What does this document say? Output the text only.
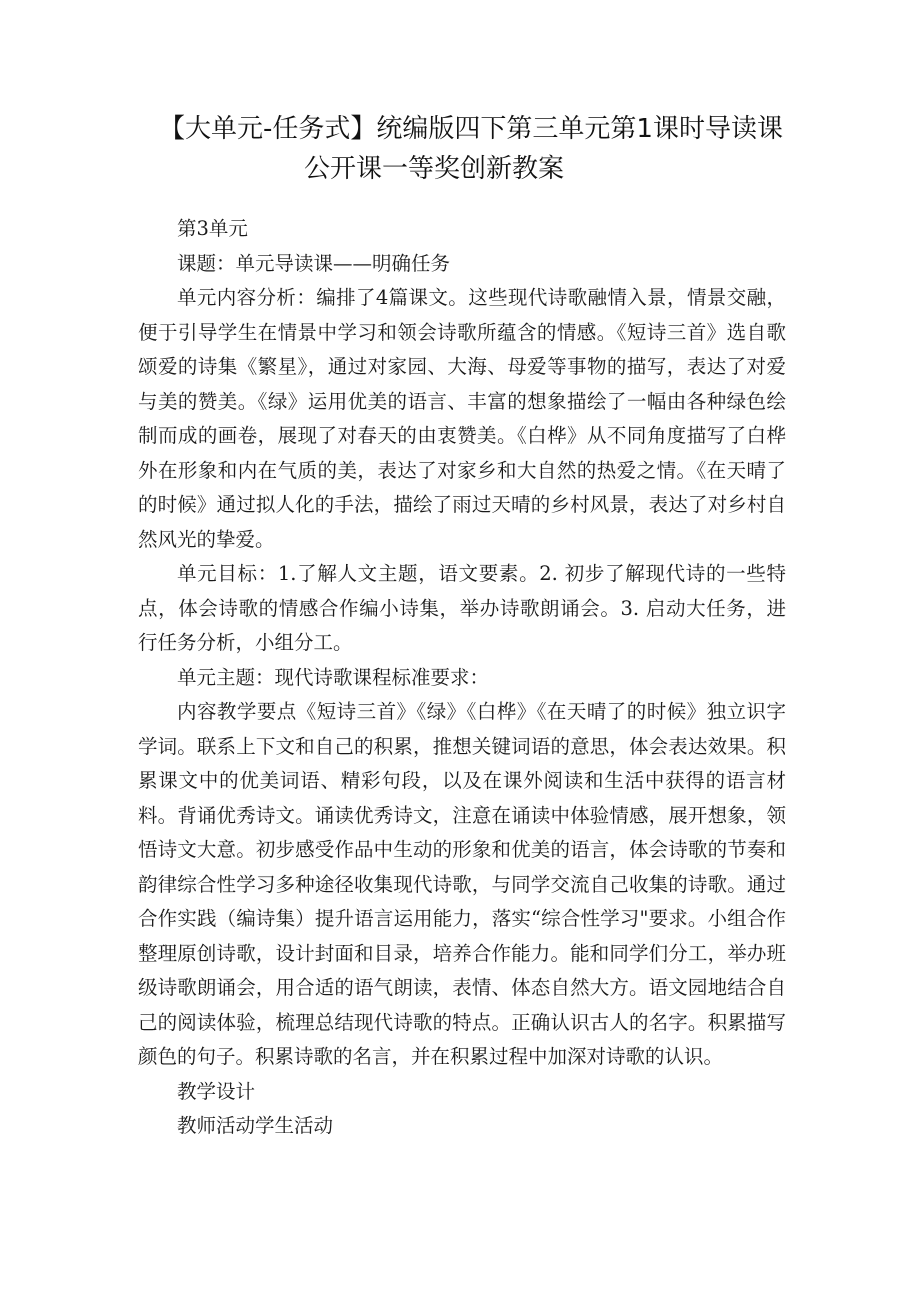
【大单元-任务式】统编版四下第三单元第1课时导读课
公开课一等奖创新教案

第3单元

课题：单元导读课——明确任务

单元内容分析：编排了4篇课文。这些现代诗歌融情入景，情景交融，便于引导学生在情景中学习和领会诗歌所蕴含的情感。《短诗三首》选自歌颂爱的诗集《繁星》，通过对家园、大海、母爱等事物的描写，表达了对爱与美的赞美。《绿》运用优美的语言、丰富的想象描绘了一幅由各种绿色绘制而成的画卷，展现了对春天的由衷赞美。《白桦》从不同角度描写了白桦外在形象和内在气质的美，表达了对家乡和大自然的热爱之情。《在天晴了的时候》通过拟人化的手法，描绘了雨过天晴的乡村风景，表达了对乡村自然风光的挚爱。

单元目标：1.了解人文主题，语文要素。2. 初步了解现代诗的一些特点，体会诗歌的情感合作编小诗集，举办诗歌朗诵会。3. 启动大任务，进行任务分析，小组分工。

单元主题：现代诗歌课程标准要求：

内容教学要点《短诗三首》《绿》《白桦》《在天晴了的时候》独立识字学词。联系上下文和自己的积累，推想关键词语的意思，体会表达效果。积累课文中的优美词语、精彩句段，以及在课外阅读和生活中获得的语言材料。背诵优秀诗文。诵读优秀诗文，注意在诵读中体验情感，展开想象，领悟诗文大意。初步感受作品中生动的形象和优美的语言，体会诗歌的节奏和韵律综合性学习多种途径收集现代诗歌，与同学交流自己收集的诗歌。通过合作实践（编诗集）提升语言运用能力，落实“综合性学习"要求。小组合作整理原创诗歌，设计封面和目录，培养合作能力。能和同学们分工，举办班级诗歌朗诵会，用合适的语气朗读，表情、体态自然大方。语文园地结合自己的阅读体验，梳理总结现代诗歌的特点。正确认识古人的名字。积累描写颜色的句子。积累诗歌的名言，并在积累过程中加深对诗歌的认识。

教学设计

教师活动学生活动
